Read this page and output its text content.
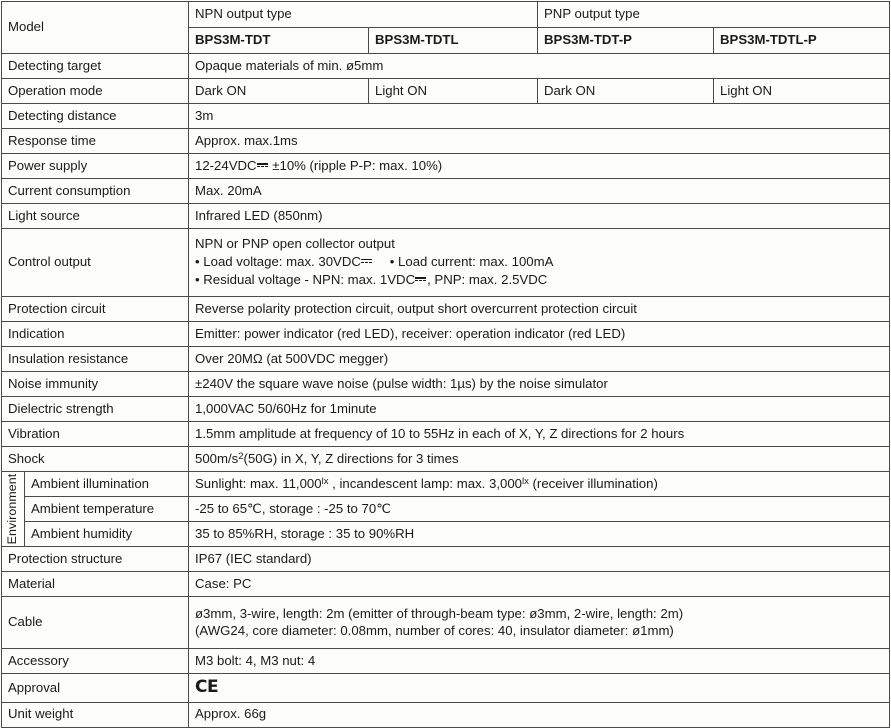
Model		NPN output type		PNP output type	
		BPS3M-TDT	BPS3M-TDTL	BPS3M-TDT-P	BPS3M-TDTL-P
Detecting target		Opaque materials of min. ø5mm			
Operation mode		Dark ON	Light ON	Dark ON	Light ON
Detecting distance		3m			
Response time		Approx. max.1ms			
Power supply		12-24VDC ±10% (ripple P-P: max. 10%)			
Current consumption		Max. 20mA			
Light source		Infrared LED (850nm)			
Control output		NPN or PNP open collector output
• Load voltage: max. 30VDC  • Load current: max. 100mA
• Residual voltage - NPN: max. 1VDC , PNP: max. 2.5VDC			

Protection circuit		Reverse polarity protection circuit, output short overcurrent protection circuit			
Indication		Emitter: power indicator (red LED), receiver: operation indicator (red LED)			
Insulation resistance		Over 20MΩ (at 500VDC megger)			
Noise immunity		±240V the square wave noise (pulse width: 1µs) by the noise simulator			
Dielectric strength		1,000VAC 50/60Hz for 1minute			
Vibration		1.5mm amplitude at frequency of 10 to 55Hz in each of X, Y, Z directions for 2 hours			
Shock		$500m/s^2(50G)$ in X, Y, Z directions for 3 times			

Environment	Ambient illumination	Sunlight: max. $11,000^{lx}$ , incandescent lamp: max. $3,000^{lx}$ (receiver illumination)			
	Ambient temperature	-25 to 65℃, storage : -25 to 70℃			
	Ambient humidity	35 to 85%RH, storage : 35 to 90%RH			
Protection structure		IP67 (IEC standard)			
Material		Case: PC			
Cable		ø3mm, 3-wire, length: 2m (emitter of through-beam type: ø3mm, 2-wire, length: 2m)
(AWG24, core diameter: 0.08mm, number of cores: 40, insulator diameter: ø1mm)			

Accessory		M3 bolt: 4, M3 nut: 4			
Approval		CE			
Unit weight		Approx. 66g			
